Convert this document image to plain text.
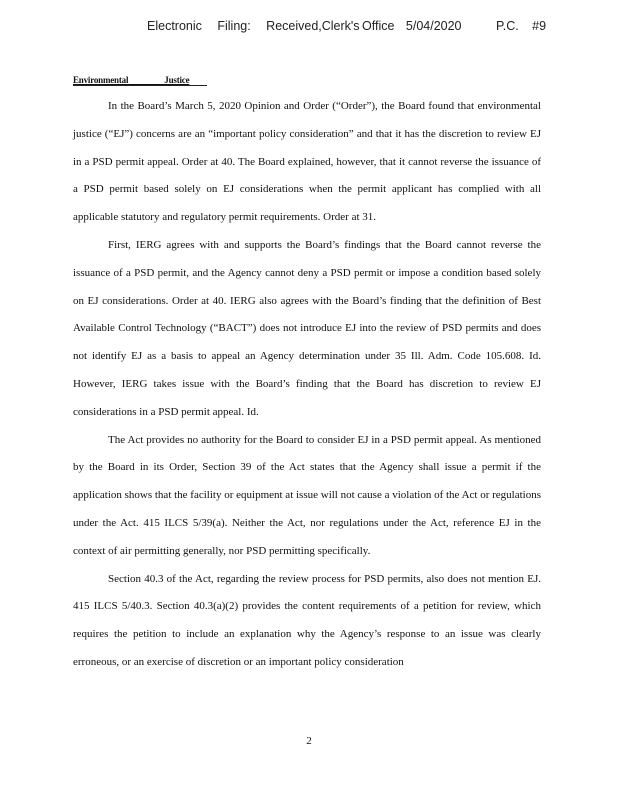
Electronic Filing: Received,Clerk's Office 5/04/2020	P.C. #9
Environmental Justice

In the Board’s March 5, 2020 Opinion and Order (“Order”), the Board found that environmental justice (“EJ”) concerns are an “important policy consideration” and that it has the discretion to review EJ in a PSD permit appeal. Order at 40. The Board explained, however, that it cannot reverse the issuance of a PSD permit based solely on EJ considerations when the permit applicant has complied with all applicable statutory and regulatory permit requirements. Order at 31.

First, IERG agrees with and supports the Board’s findings that the Board cannot reverse the issuance of a PSD permit, and the Agency cannot deny a PSD permit or impose a condition based solely on EJ considerations. Order at 40. IERG also agrees with the Board’s finding that the definition of Best Available Control Technology (“BACT”) does not introduce EJ into the review of PSD permits and does not identify EJ as a basis to appeal an Agency determination under 35 Ill. Adm. Code 105.608. Id. However, IERG takes issue with the Board’s finding that the Board has discretion to review EJ considerations in a PSD permit appeal. Id.

The Act provides no authority for the Board to consider EJ in a PSD permit appeal. As mentioned by the Board in its Order, Section 39 of the Act states that the Agency shall issue a permit if the application shows that the facility or equipment at issue will not cause a violation of the Act or regulations under the Act. 415 ILCS 5/39(a). Neither the Act, nor regulations under the Act, reference EJ in the context of air permitting generally, nor PSD permitting specifically.

Section 40.3 of the Act, regarding the review process for PSD permits, also does not mention EJ. 415 ILCS 5/40.3. Section 40.3(a)(2) provides the content requirements of a petition for review, which requires the petition to include an explanation why the Agency’s response to an issue was clearly erroneous, or an exercise of discretion or an important policy consideration

2
